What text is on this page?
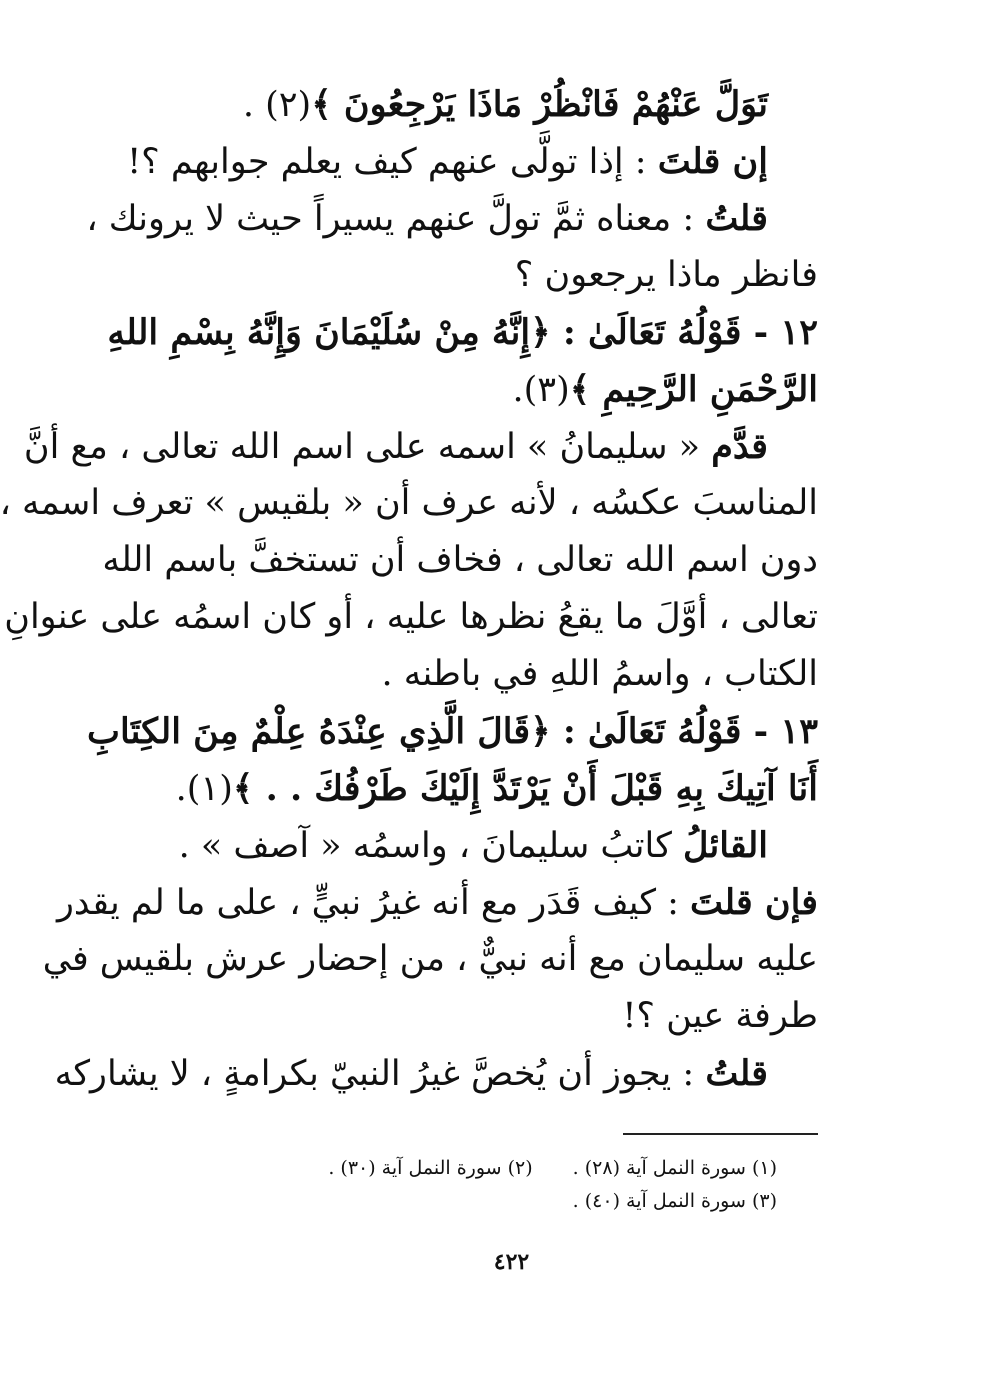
تَوَلَّ عَنْهُمْ فَانْظُرْ مَاذَا يَرْجِعُونَ ﴾(٢) .
إن قلتَ : إذا تولَّى عنهم كيف يعلم جوابهم ؟!
قلتُ : معناه ثمَّ تولَّ عنهم يسيراً حيث لا يرونك ،
فانظر ماذا يرجعون ؟
١٢ - قَوْلُهُ تَعَالَىٰ : ﴿إِنَّهُ مِنْ سُلَيْمَانَ وَإِنَّهُ بِسْمِ اللهِ
الرَّحْمَنِ الرَّحِيمِ ﴾(٣).
قدَّم « سليمانُ » اسمه على اسم الله تعالى ، مع أنَّ
المناسبَ عكسُه ، لأنه عرف أن « بلقيس » تعرف اسمه ،
دون اسم الله تعالى ، فخاف أن تستخفَّ باسم الله
تعالى ، أوَّلَ ما يقعُ نظرها عليه ، أو كان اسمُه على عنوانِ
الكتاب ، واسمُ اللهِ في باطنه .
١٣ - قَوْلُهُ تَعَالَىٰ : ﴿قَالَ الَّذِي عِنْدَهُ عِلْمٌ مِنَ الكِتَابِ
أَنَا آتِيكَ بِهِ قَبْلَ أَنْ يَرْتَدَّ إِلَيْكَ طَرْفُكَ . . ﴾(١).
القائلُ كاتبُ سليمانَ ، واسمُه « آصف » .
فإن قلتَ : كيف قَدَر مع أنه غيرُ نبيٍّ ، على ما لم يقدر
عليه سليمان مع أنه نبيٌّ ، من إحضار عرش بلقيس في
طرفة عين ؟!
قلتُ : يجوز أن يُخصَّ غيرُ النبيّ بكرامةٍ ، لا يشاركه
(١) سورة النمل آية (٢٨) .
(٢) سورة النمل آية (٣٠) .
(٣) سورة النمل آية (٤٠) .
٤٢٢
